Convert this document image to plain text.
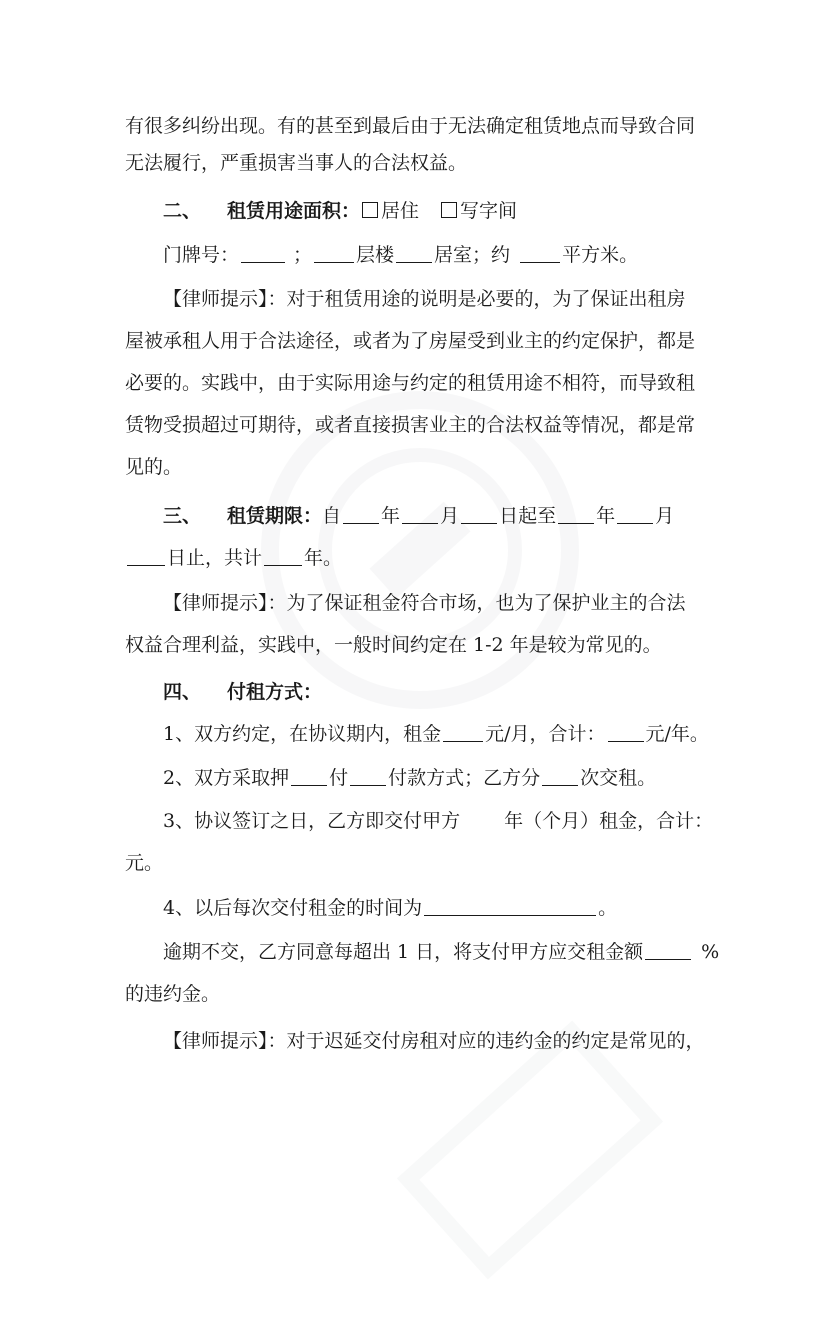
有很多纠纷出现。有的甚至到最后由于无法确定租赁地点而导致合同
无法履行，严重损害当事人的合法权益。
二、 租赁用途面积： 居住 写字间
门牌号：	； 层楼 居室；约	平方米。
【律师提示】：对于租赁用途的说明是必要的，为了保证出租房
屋被承租人用于合法途径，或者为了房屋受到业主的约定保护，都是
必要的。实践中，由于实际用途与约定的租赁用途不相符，而导致租
赁物受损超过可期待，或者直接损害业主的合法权益等情况，都是常
见的。
三、 租赁期限：自 年 月 日起至 年 月
日止，共计 年。
【律师提示】：为了保证租金符合市场，也为了保护业主的合法
权益合理利益，实践中，一般时间约定在 1-2 年是较为常见的。
四、 付租方式：
1、双方约定，在协议期内，租金 元/月，合计： 元/年。
2、双方采取押 付 付款方式；乙方分 次交租。
3、协议签订之日，乙方即交付甲方 年（个月）租金，合计：
元。
4、以后每次交付租金的时间为	。
逾期不交，乙方同意每超出 1 日，将支付甲方应交租金额	%
的违约金。
【律师提示】：对于迟延交付房租对应的违约金的约定是常见的，
